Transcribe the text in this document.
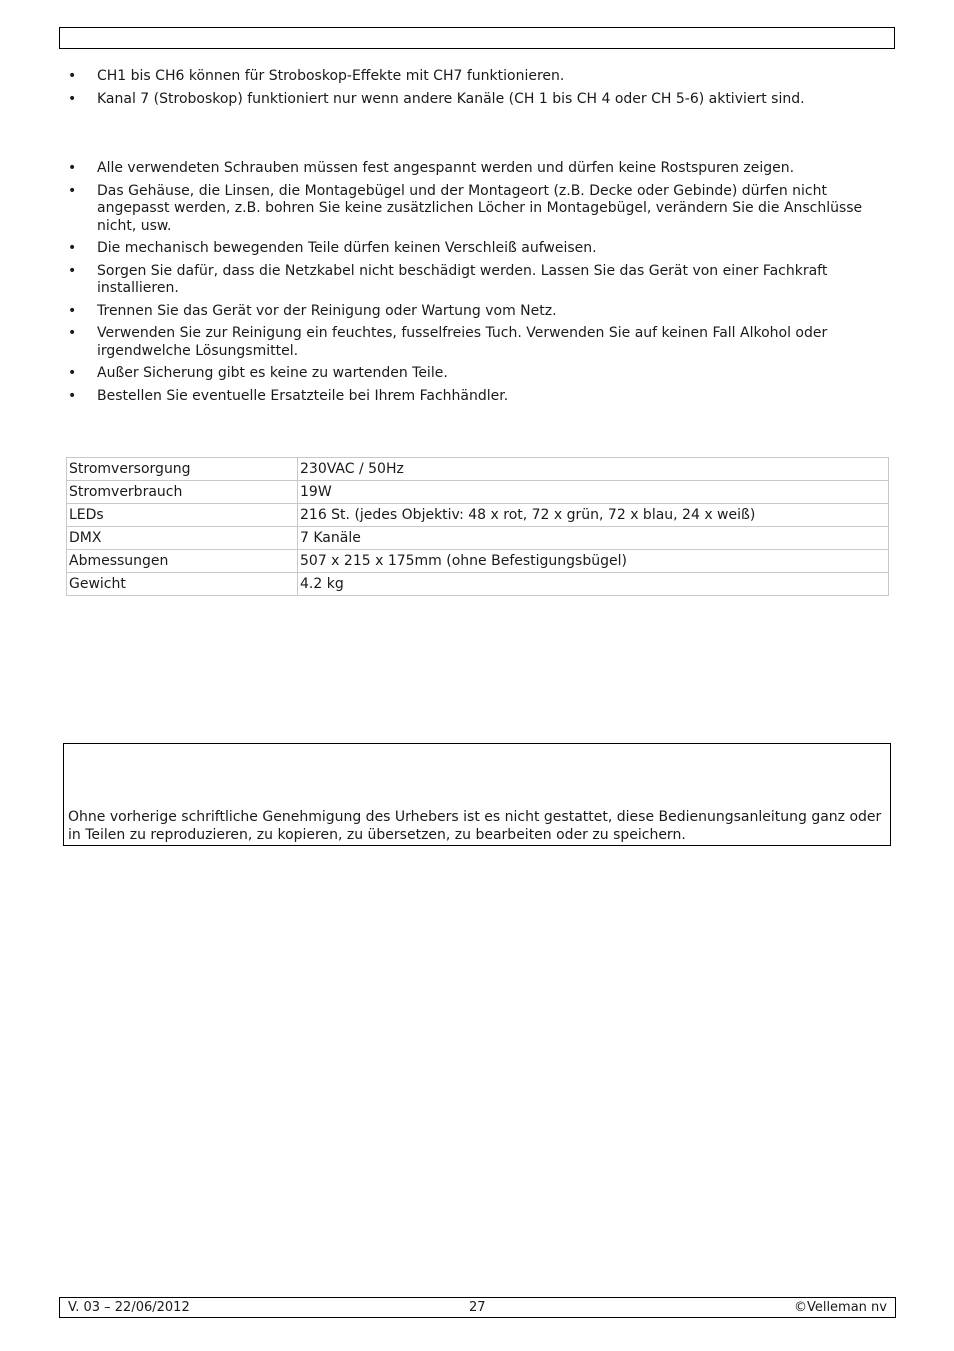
• CH1 bis CH6 können für Stroboskop-Effekte mit CH7 funktionieren.
• Kanal 7 (Stroboskop) funktioniert nur wenn andere Kanäle (CH 1 bis CH 4 oder CH 5-6) aktiviert sind.
• Alle verwendeten Schrauben müssen fest angespannt werden und dürfen keine Rostspuren zeigen.
• Das Gehäuse, die Linsen, die Montagebügel und der Montageort (z.B. Decke oder Gebinde) dürfen nicht angepasst werden, z.B. bohren Sie keine zusätzlichen Löcher in Montagebügel, verändern Sie die Anschlüsse nicht, usw.
• Die mechanisch bewegenden Teile dürfen keinen Verschleiß aufweisen.
• Sorgen Sie dafür, dass die Netzkabel nicht beschädigt werden. Lassen Sie das Gerät von einer Fachkraft installieren.
• Trennen Sie das Gerät vor der Reinigung oder Wartung vom Netz.
• Verwenden Sie zur Reinigung ein feuchtes, fusselfreies Tuch. Verwenden Sie auf keinen Fall Alkohol oder irgendwelche Lösungsmittel.
• Außer Sicherung gibt es keine zu wartenden Teile.
• Bestellen Sie eventuelle Ersatzteile bei Ihrem Fachhändler.
Stromversorgung	230VAC / 50Hz
Stromverbrauch	19W
LEDs	216 St. (jedes Objektiv: 48 x rot, 72 x grün, 72 x blau, 24 x weiß)
DMX	7 Kanäle
Abmessungen	507 x 215 x 175mm (ohne Befestigungsbügel)
Gewicht	4.2 kg
Ohne vorherige schriftliche Genehmigung des Urhebers ist es nicht gestattet, diese Bedienungsanleitung ganz oder in Teilen zu reproduzieren, zu kopieren, zu übersetzen, zu bearbeiten oder zu speichern.
V. 03 – 22/06/2012	27	©Velleman nv
